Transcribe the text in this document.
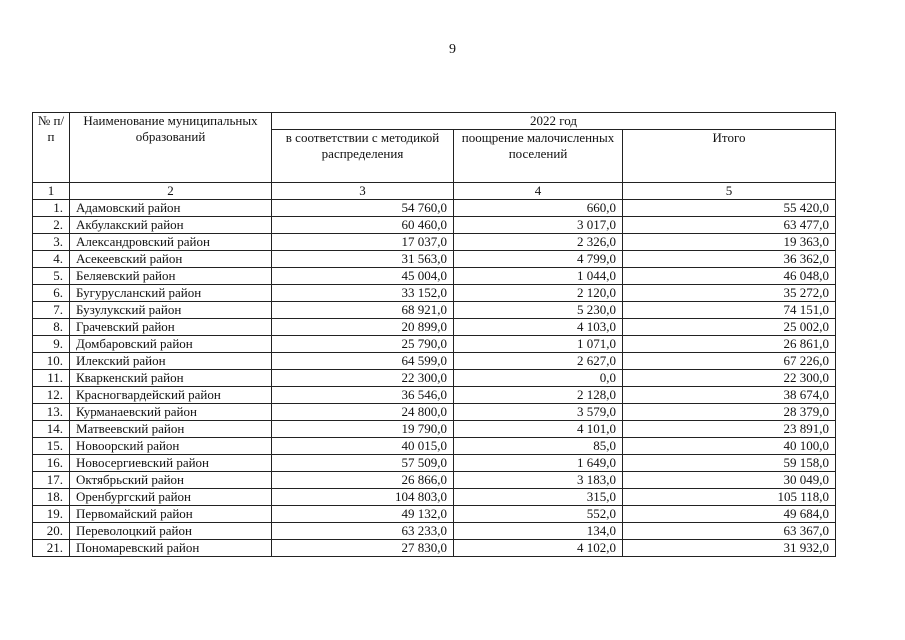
9
№ п/п	Наименование муниципальных образований	2022 год		
		в соответствии с методикой распределения	поощрение малочисленных поселений	Итого
1	2	3	4	5
1.	Адамовский район	54 760,0	660,0	55 420,0
2.	Акбулакский район	60 460,0	3 017,0	63 477,0
3.	Александровский район	17 037,0	2 326,0	19 363,0
4.	Асекеевский район	31 563,0	4 799,0	36 362,0
5.	Беляевский район	45 004,0	1 044,0	46 048,0
6.	Бугурусланский район	33 152,0	2 120,0	35 272,0
7.	Бузулукский район	68 921,0	5 230,0	74 151,0
8.	Грачевский район	20 899,0	4 103,0	25 002,0
9.	Домбаровский район	25 790,0	1 071,0	26 861,0
10.	Илекский район	64 599,0	2 627,0	67 226,0
11.	Кваркенский район	22 300,0	0,0	22 300,0
12.	Красногвардейский район	36 546,0	2 128,0	38 674,0
13.	Курманаевский район	24 800,0	3 579,0	28 379,0
14.	Матвеевский район	19 790,0	4 101,0	23 891,0
15.	Новоорский район	40 015,0	85,0	40 100,0
16.	Новосергиевский район	57 509,0	1 649,0	59 158,0
17.	Октябрьский район	26 866,0	3 183,0	30 049,0
18.	Оренбургский район	104 803,0	315,0	105 118,0
19.	Первомайский район	49 132,0	552,0	49 684,0
20.	Переволоцкий район	63 233,0	134,0	63 367,0
21.	Пономаревский район	27 830,0	4 102,0	31 932,0
